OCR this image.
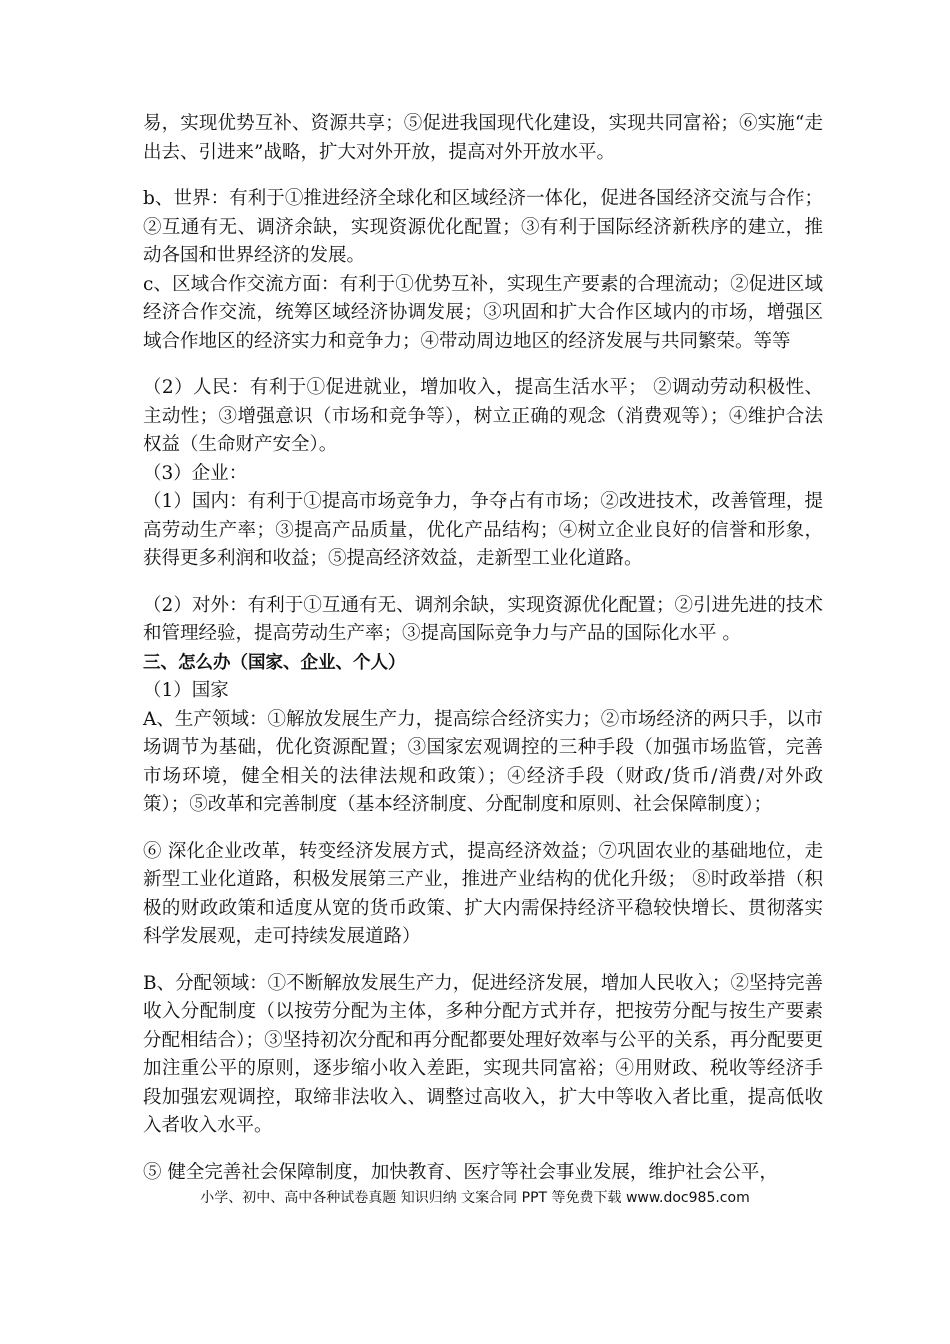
易，实现优势互补、资源共享；⑤促进我国现代化建设，实现共同富裕；⑥实施“走出去、引进来”战略，扩大对外开放，提高对外开放水平。

b、世界：有利于①推进经济全球化和区域经济一体化，促进各国经济交流与合作；②互通有无、调济余缺，实现资源优化配置；③有利于国际经济新秩序的建立，推动各国和世界经济的发展。

c、区域合作交流方面：有利于①优势互补，实现生产要素的合理流动；②促进区域经济合作交流，统筹区域经济协调发展；③巩固和扩大合作区域内的市场，增强区域合作地区的经济实力和竞争力；④带动周边地区的经济发展与共同繁荣。等等

（2）人民：有利于①促进就业，增加收入，提高生活水平； ②调动劳动积极性、主动性；③增强意识（市场和竞争等），树立正确的观念（消费观等）；④维护合法权益（生命财产安全）。

（3）企业：

（1）国内：有利于①提高市场竞争力，争夺占有市场；②改进技术，改善管理，提高劳动生产率；③提高产品质量，优化产品结构；④树立企业良好的信誉和形象，获得更多利润和收益；⑤提高经济效益，走新型工业化道路。

（2）对外：有利于①互通有无、调剂余缺，实现资源优化配置；②引进先进的技术和管理经验，提高劳动生产率；③提高国际竞争力与产品的国际化水平 。

三、怎么办（国家、企业、个人）

（1）国家

A、生产领域：①解放发展生产力，提高综合经济实力；②市场经济的两只手，以市场调节为基础，优化资源配置；③国家宏观调控的三种手段（加强市场监管，完善市场环境，健全相关的法律法规和政策）；④经济手段（财政/货币/消费/对外政策）；⑤改革和完善制度（基本经济制度、分配制度和原则、社会保障制度）；

⑥ 深化企业改革，转变经济发展方式，提高经济效益；⑦巩固农业的基础地位，走新型工业化道路，积极发展第三产业，推进产业结构的优化升级； ⑧时政举措（积极的财政政策和适度从宽的货币政策、扩大内需保持经济平稳较快增长、贯彻落实科学发展观，走可持续发展道路）

B、分配领域：①不断解放发展生产力，促进经济发展，增加人民收入；②坚持完善收入分配制度（以按劳分配为主体，多种分配方式并存，把按劳分配与按生产要素分配相结合）；③坚持初次分配和再分配都要处理好效率与公平的关系，再分配要更加注重公平的原则，逐步缩小收入差距，实现共同富裕；④用财政、税收等经济手段加强宏观调控，取缔非法收入、调整过高收入，扩大中等收入者比重，提高低收入者收入水平。

⑤ 健全完善社会保障制度，加快教育、医疗等社会事业发展，维护社会公平，

小学、初中、高中各种试卷真题 知识归纳 文案合同 PPT 等免费下载 www.doc985.com
